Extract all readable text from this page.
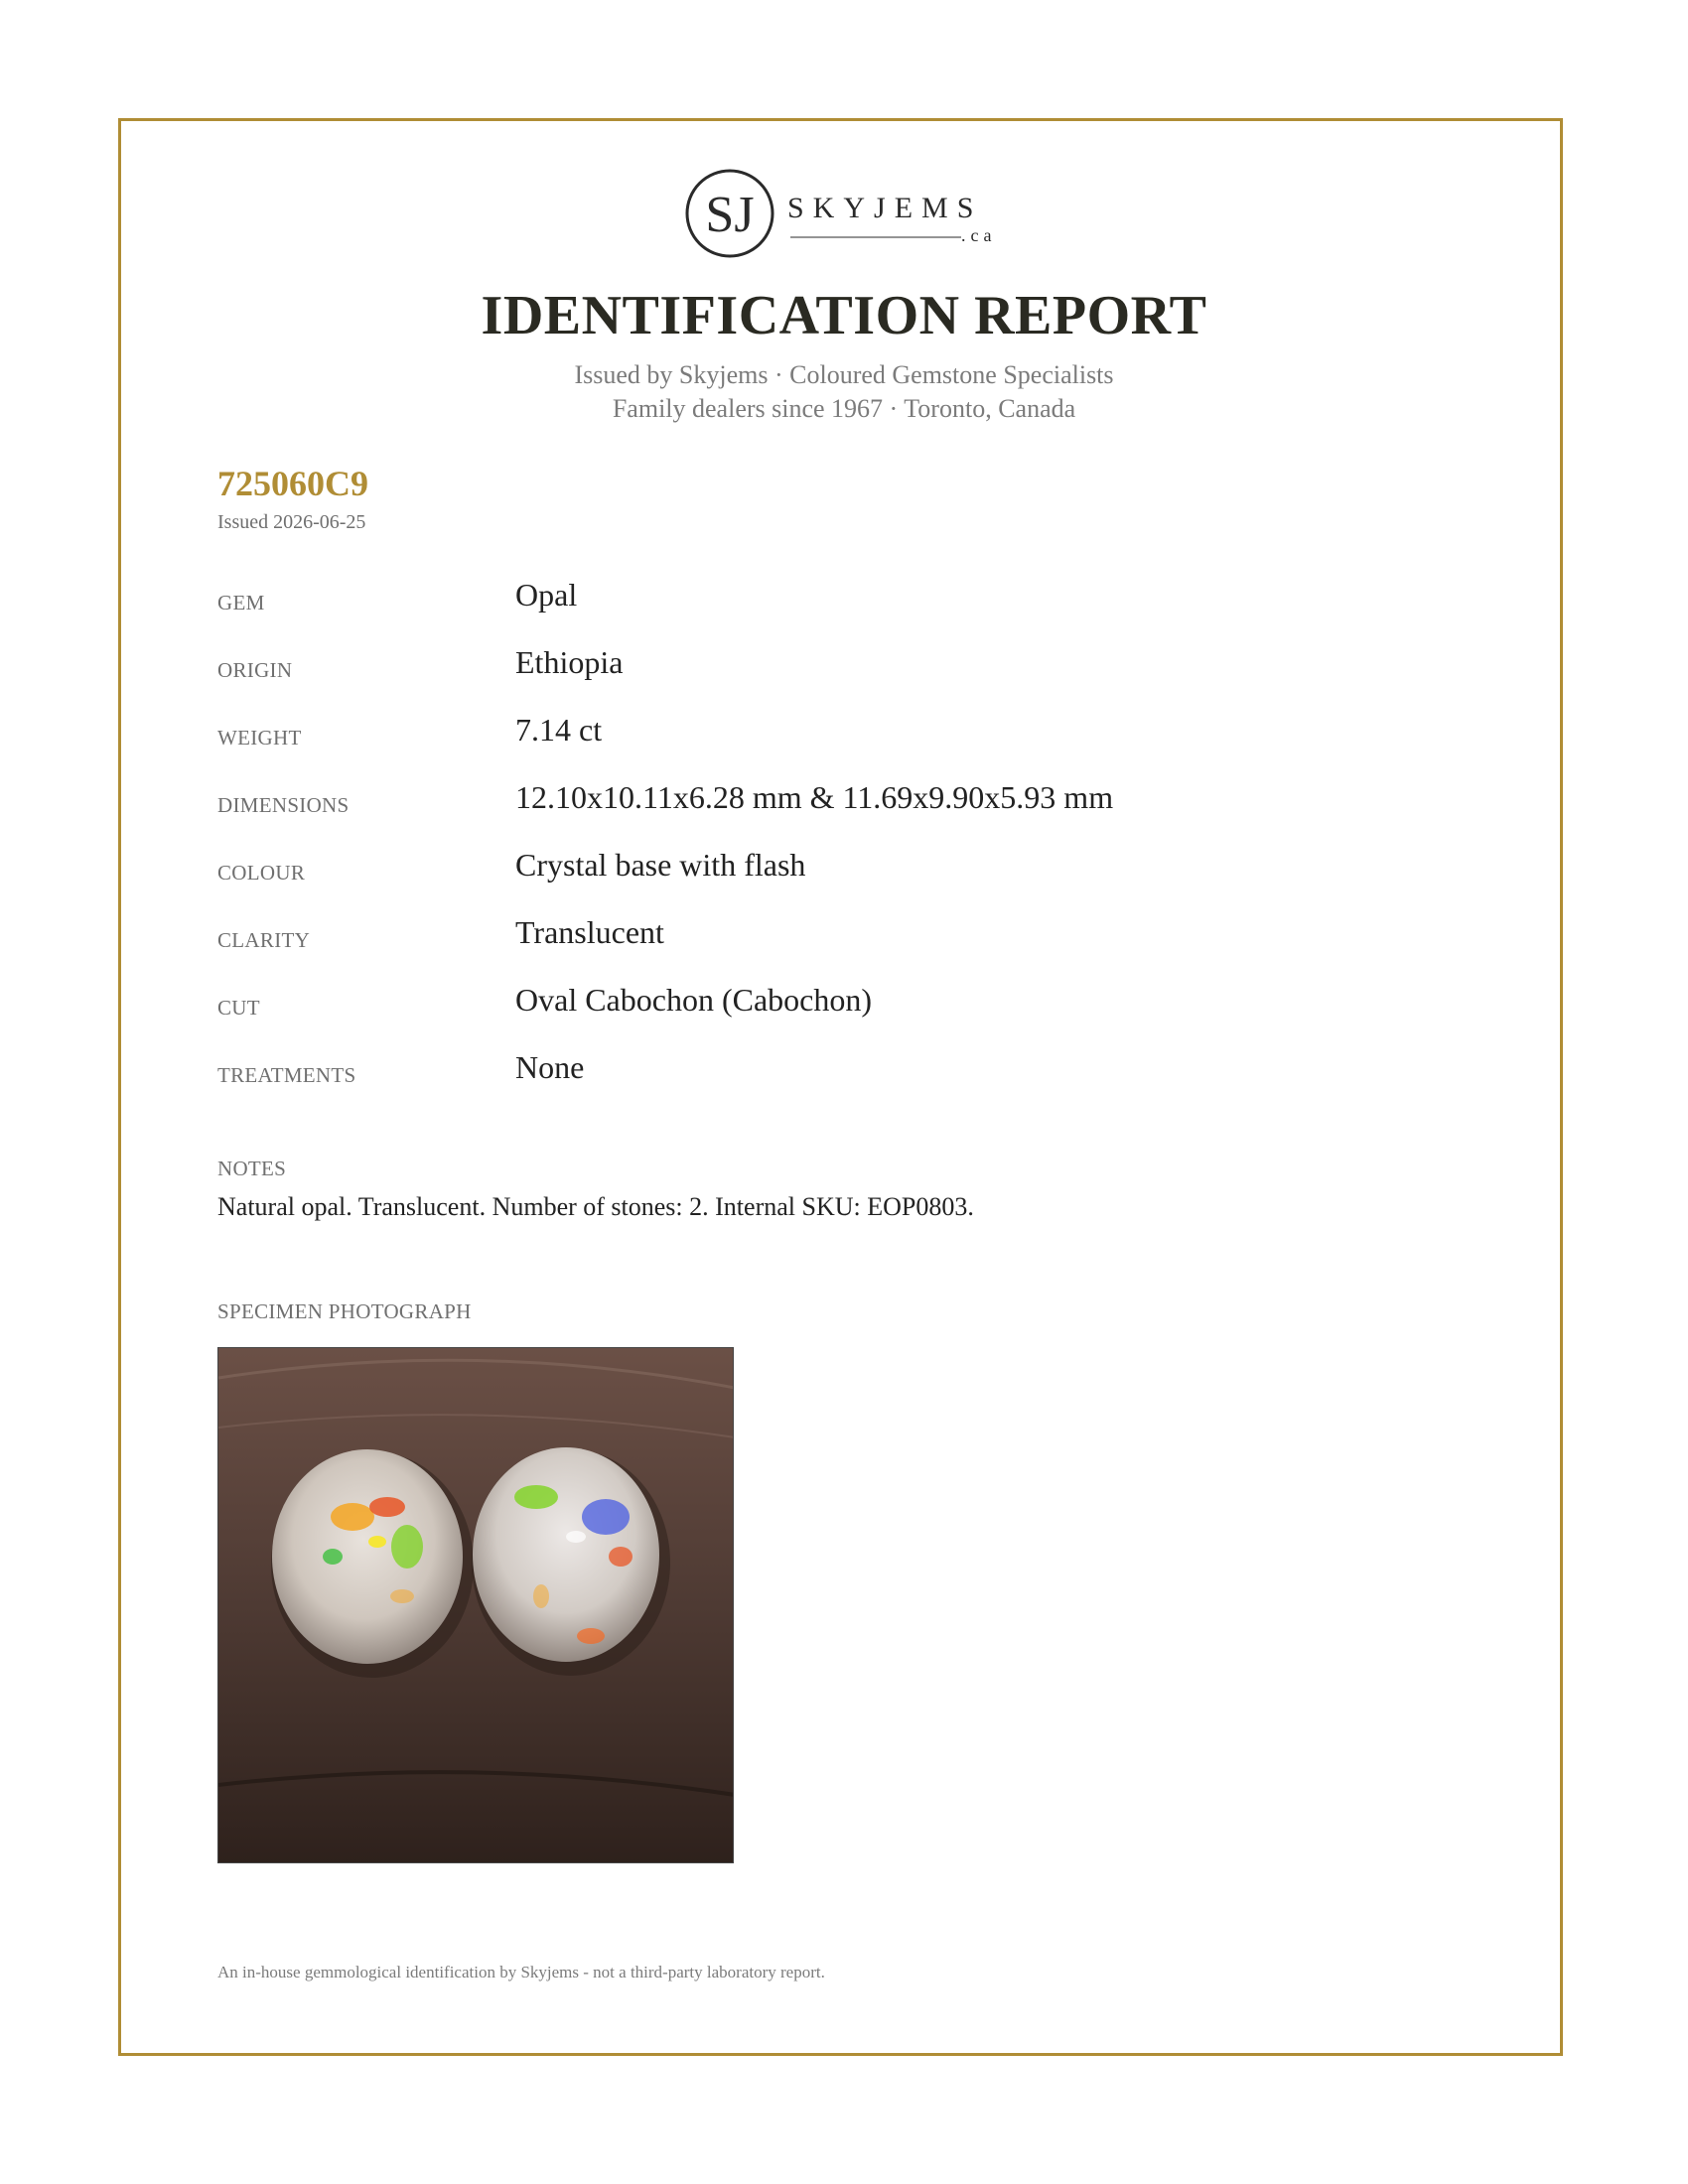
SJ SKYJEMS
.ca
IDENTIFICATION REPORT
Issued by Skyjems · Coloured Gemstone Specialists
Family dealers since 1967 · Toronto, Canada
725060C9
Issued 2026-06-25
GEM	Opal
ORIGIN	Ethiopia
WEIGHT	7.14 ct
DIMENSIONS	12.10x10.11x6.28 mm & 11.69x9.90x5.93 mm
COLOUR	Crystal base with flash
CLARITY	Translucent
CUT	Oval Cabochon (Cabochon)
TREATMENTS	None
NOTES
Natural opal. Translucent. Number of stones: 2. Internal SKU: EOP0803.
SPECIMEN PHOTOGRAPH
An in-house gemmological identification by Skyjems - not a third-party laboratory report.
